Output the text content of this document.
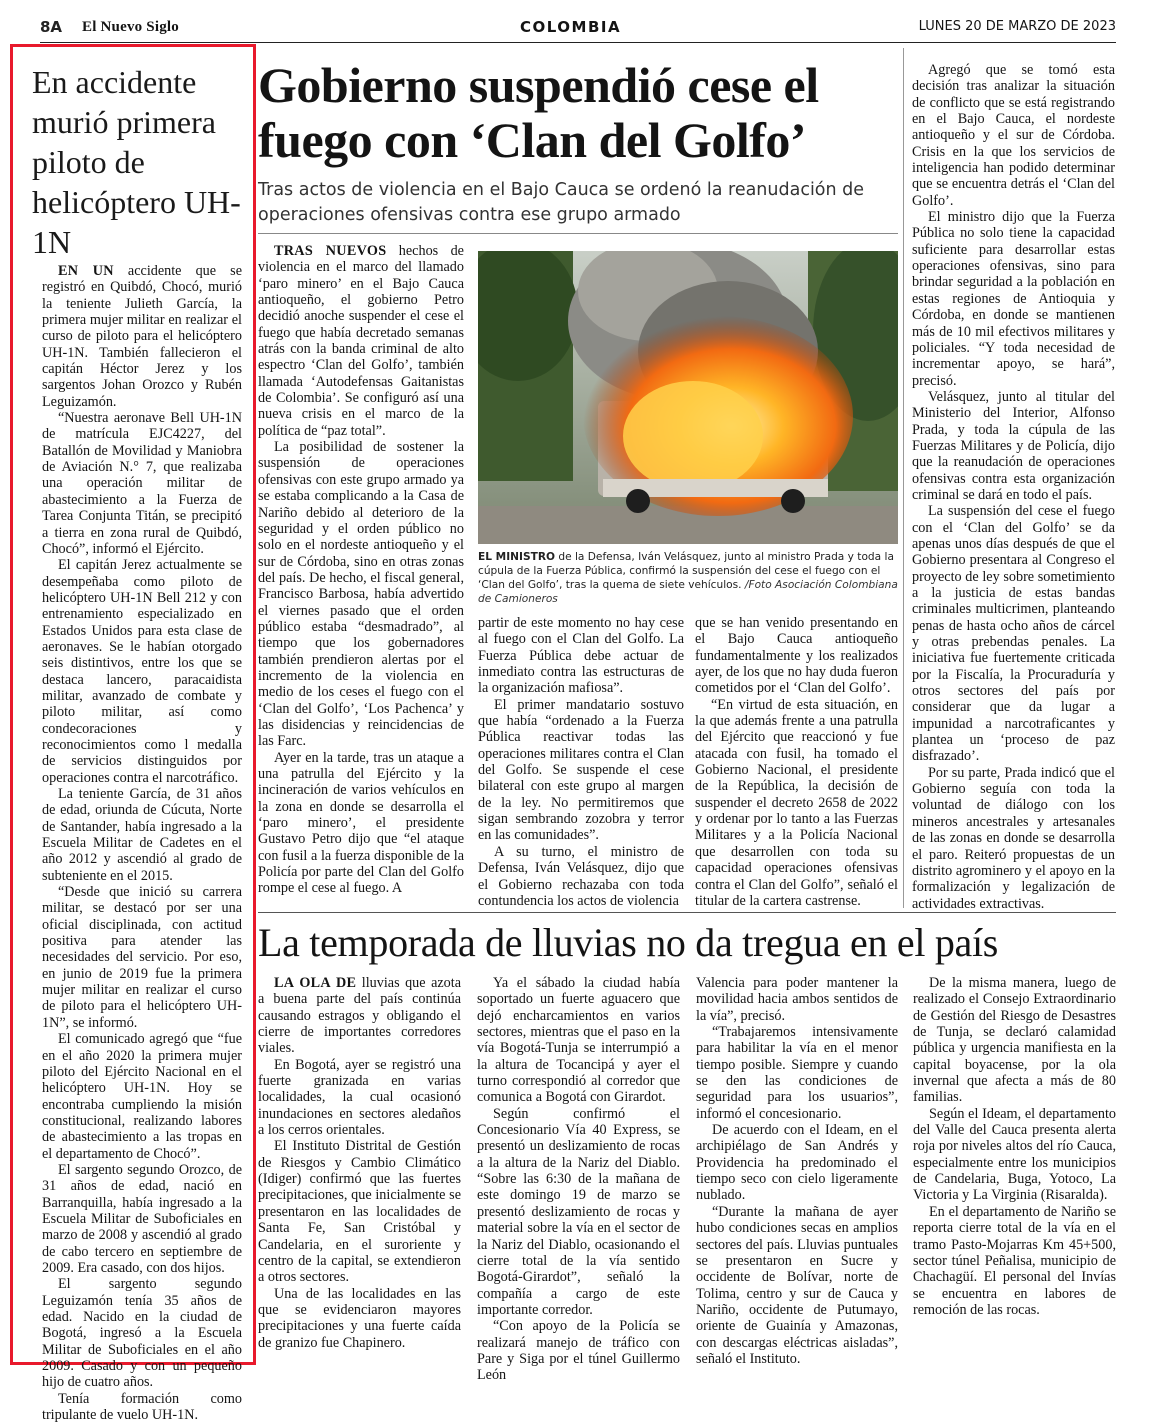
8A El Nuevo Siglo	COLOMBIA	LUNES 20 DE MARZO DE 2023
En accidente murió primera piloto de helicóptero UH-1N

EN UN accidente que se registró en Quibdó, Chocó, murió la teniente Julieth García, la primera mujer militar en realizar el curso de piloto para el helicóptero UH-1N. También fallecieron el capitán Héctor Jerez y los sargentos Johan Orozco y Rubén Leguizamón.

“Nuestra aeronave Bell UH-1N de matrícula EJC4227, del Batallón de Movilidad y Maniobra de Aviación N.° 7, que realizaba una operación militar de abastecimiento a la Fuerza de Tarea Conjunta Titán, se precipitó a tierra en zona rural de Quibdó, Chocó”, informó el Ejército.

El capitán Jerez actualmente se desempeñaba como piloto de helicóptero UH-1N Bell 212 y con entrenamiento especializado en Estados Unidos para esta clase de aeronaves. Se le habían otorgado seis distintivos, entre los que se destaca lancero, paracaidista militar, avanzado de combate y piloto militar, así como condecoraciones y reconocimientos como l medalla de servicios distinguidos por operaciones contra el narcotráfico.

La teniente García, de 31 años de edad, oriunda de Cúcuta, Norte de Santander, había ingresado a la Escuela Militar de Cadetes en el año 2012 y ascendió al grado de subteniente en el 2015.

“Desde que inició su carrera militar, se destacó por ser una oficial disciplinada, con actitud positiva para atender las necesidades del servicio. Por eso, en junio de 2019 fue la primera mujer militar en realizar el curso de piloto para el helicóptero UH-1N”, se informó.

El comunicado agregó que “fue en el año 2020 la primera mujer piloto del Ejército Nacional en el helicóptero UH-1N. Hoy se encontraba cumpliendo la misión constitucional, realizando labores de abastecimiento a las tropas en el departamento de Chocó”.

El sargento segundo Orozco, de 31 años de edad, nació en Barranquilla, había ingresado a la Escuela Militar de Suboficiales en marzo de 2008 y ascendió al grado de cabo tercero en septiembre de 2009. Era casado, con dos hijos.

El sargento segundo Leguizamón tenía 35 años de edad. Nacido en la ciudad de Bogotá, ingresó a la Escuela Militar de Suboficiales en el año 2009. Casado y con un pequeño hijo de cuatro años.

Tenía formación como tripulante de vuelo UH-1N.

Gobierno suspendió cese el fuego con ‘Clan del Golfo’
Tras actos de violencia en el Bajo Cauca se ordenó la reanudación de operaciones ofensivas contra ese grupo armado

TRAS NUEVOS hechos de violencia en el marco del llamado ‘paro minero’ en el Bajo Cauca antioqueño, el gobierno Petro decidió anoche suspender el cese el fuego que había decretado semanas atrás con la banda criminal de alto espectro ‘Clan del Golfo’, también llamada ‘Autodefensas Gaitanistas de Colombia’. Se configuró así una nueva crisis en el marco de la política de “paz total”.

La posibilidad de sostener la suspensión de operaciones ofensivas con este grupo armado ya se estaba complicando a la Casa de Nariño debido al deterioro de la seguridad y el orden público no solo en el nordeste antioqueño y el sur de Córdoba, sino en otras zonas del país. De hecho, el fiscal general, Francisco Barbosa, había advertido el viernes pasado que el orden público estaba “desmadrado”, al tiempo que los gobernadores también prendieron alertas por el incremento de la violencia en medio de los ceses el fuego con el ‘Clan del Golfo’, ‘Los Pachenca’ y las disidencias y reincidencias de las Farc.

Ayer en la tarde, tras un ataque a una patrulla del Ejército y la incineración de varios vehículos en la zona en donde se desarrolla el ‘paro minero’, el presidente Gustavo Petro dijo que “el ataque con fusil a la fuerza disponible de la Policía por parte del Clan del Golfo rompe el cese al fuego. A

EL MINISTRO de la Defensa, Iván Velásquez, junto al ministro Prada y toda la cúpula de la Fuerza Pública, confirmó la suspensión del cese el fuego con el ‘Clan del Golfo’, tras la quema de siete vehículos. /Foto Asociación Colombiana de Camioneros

partir de este momento no hay cese al fuego con el Clan del Golfo. La Fuerza Pública debe actuar de inmediato contra las estructuras de la organización mafiosa”.

El primer mandatario sostuvo que había “ordenado a la Fuerza Pública reactivar todas las operaciones militares contra el Clan del Golfo. Se suspende el cese bilateral con este grupo al margen de la ley. No permitiremos que sigan sembrando zozobra y terror en las comunidades”.

A su turno, el ministro de Defensa, Iván Velásquez, dijo que el Gobierno rechazaba con toda contundencia los actos de violencia

que se han venido presentando en el Bajo Cauca antioqueño fundamentalmente y los realizados ayer, de los que no hay duda fueron cometidos por el ‘Clan del Golfo’.

“En virtud de esta situación, en la que además frente a una patrulla del Ejército que reaccionó y fue atacada con fusil, ha tomado el Gobierno Nacional, el presidente de la República, la decisión de suspender el decreto 2658 de 2022 y ordenar por lo tanto a las Fuerzas Militares y a la Policía Nacional que desarrollen con toda su capacidad operaciones ofensivas contra el Clan del Golfo”, señaló el titular de la cartera castrense.

Agregó que se tomó esta decisión tras analizar la situación de conflicto que se está registrando en el Bajo Cauca, el nordeste antioqueño y el sur de Córdoba. Crisis en la que los servicios de inteligencia han podido determinar que se encuentra detrás el ‘Clan del Golfo’.

El ministro dijo que la Fuerza Pública no solo tiene la capacidad suficiente para desarrollar estas operaciones ofensivas, sino para brindar seguridad a la población en estas regiones de Antioquia y Córdoba, en donde se mantienen más de 10 mil efectivos militares y policiales. “Y toda necesidad de incrementar apoyo, se hará”, precisó.

Velásquez, junto al titular del Ministerio del Interior, Alfonso Prada, y toda la cúpula de las Fuerzas Militares y de Policía, dijo que la reanudación de operaciones ofensivas contra esta organización criminal se dará en todo el país.

La suspensión del cese el fuego con el ‘Clan del Golfo’ se da apenas unos días después de que el Gobierno presentara al Congreso el proyecto de ley sobre sometimiento a la justicia de estas bandas criminales multicrimen, planteando penas de hasta ocho años de cárcel y otras prebendas penales. La iniciativa fue fuertemente criticada por la Fiscalía, la Procuraduría y otros sectores del país por considerar que da lugar a impunidad a narcotraficantes y plantea un ‘proceso de paz disfrazado’.

Por su parte, Prada indicó que el Gobierno seguía con toda la voluntad de diálogo con los mineros ancestrales y artesanales de las zonas en donde se desarrolla el paro. Reiteró propuestas de un distrito agrominero y el apoyo en la formalización y legalización de actividades extractivas.

La temporada de lluvias no da tregua en el país

LA OLA DE lluvias que azota a buena parte del país continúa causando estragos y obligando el cierre de importantes corredores viales.

En Bogotá, ayer se registró una fuerte granizada en varias localidades, la cual ocasionó inundaciones en sectores aledaños a los cerros orientales.

El Instituto Distrital de Gestión de Riesgos y Cambio Climático (Idiger) confirmó que las fuertes precipitaciones, que inicialmente se presentaron en las localidades de Santa Fe, San Cristóbal y Candelaria, en el suroriente y centro de la capital, se extendieron a otros sectores.

Una de las localidades en las que se evidenciaron mayores precipitaciones y una fuerte caída de granizo fue Chapinero.

Ya el sábado la ciudad había soportado un fuerte aguacero que dejó encharcamientos en varios sectores, mientras que el paso en la vía Bogotá-Tunja se interrumpió a la altura de Tocancipá y ayer el turno correspondió al corredor que comunica a Bogotá con Girardot.

Según confirmó el Concesionario Vía 40 Express, se presentó un deslizamiento de rocas a la altura de la Nariz del Diablo. “Sobre las 6:30 de la mañana de este domingo 19 de marzo se presentó deslizamiento de rocas y material sobre la vía en el sector de la Nariz del Diablo, ocasionando el cierre total de la vía sentido Bogotá-Girardot”, señaló la compañía a cargo de este importante corredor.

“Con apoyo de la Policía se realizará manejo de tráfico con Pare y Siga por el túnel Guillermo León

Valencia para poder mantener la movilidad hacia ambos sentidos de la vía”, precisó.

“Trabajaremos intensivamente para habilitar la vía en el menor tiempo posible. Siempre y cuando se den las condiciones de seguridad para los usuarios”, informó el concesionario.

De acuerdo con el Ideam, en el archipiélago de San Andrés y Providencia ha predominado el tiempo seco con cielo ligeramente nublado.

“Durante la mañana de ayer hubo condiciones secas en amplios sectores del país. Lluvias puntuales se presentaron en Sucre y occidente de Bolívar, norte de Tolima, centro y sur de Cauca y Nariño, occidente de Putumayo, oriente de Guainía y Amazonas, con descargas eléctricas aisladas”, señaló el Instituto.

De la misma manera, luego de realizado el Consejo Extraordinario de Gestión del Riesgo de Desastres de Tunja, se declaró calamidad pública y urgencia manifiesta en la capital boyacense, por la ola invernal que afecta a más de 80 familias.

Según el Ideam, el departamento del Valle del Cauca presenta alerta roja por niveles altos del río Cauca, especialmente entre los municipios de Candelaria, Buga, Yotoco, La Victoria y La Virginia (Risaralda).

En el departamento de Nariño se reporta cierre total de la vía en el tramo Pasto-Mojarras Km 45+500, sector túnel Peñalisa, municipio de Chachagüí. El personal del Invías se encuentra en labores de remoción de las rocas.
